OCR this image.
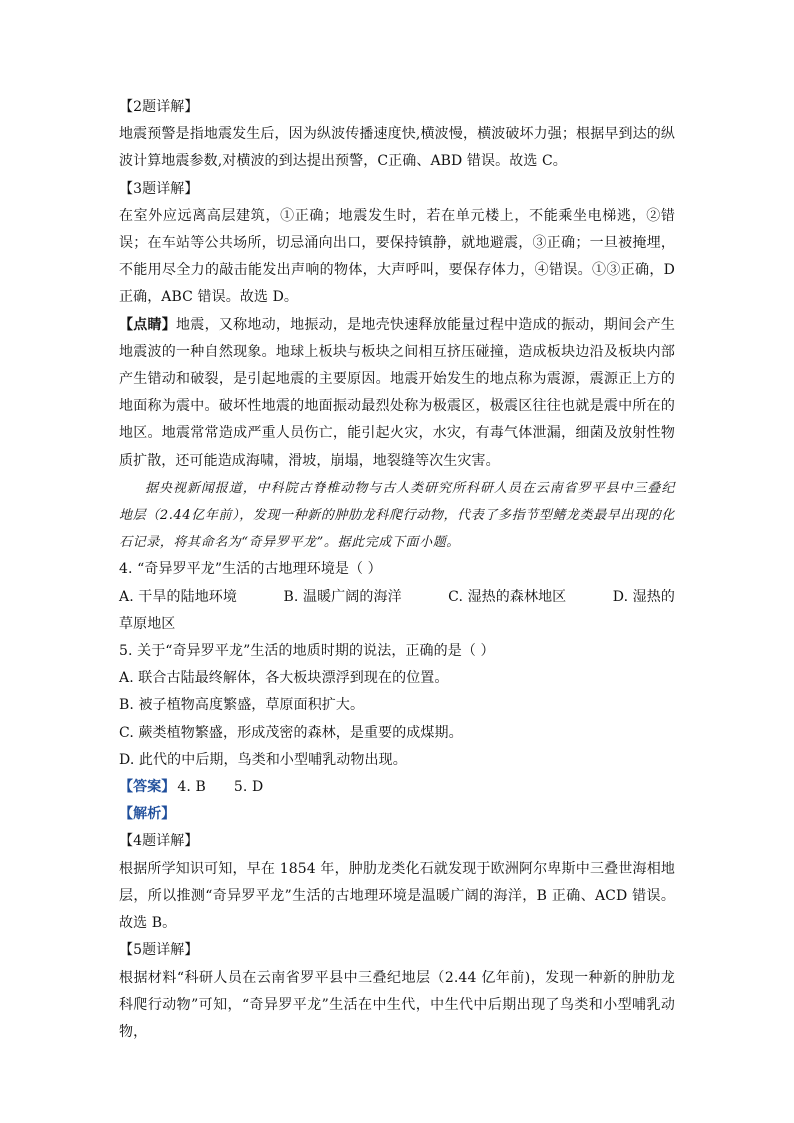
【2题详解】

地震预警是指地震发生后，因为纵波传播速度快,横波慢，横波破坏力强；根据早到达的纵波计算地震参数,对横波的到达提出预警，C正确、ABD 错误。故选 C。

【3题详解】

在室外应远离高层建筑，①正确；地震发生时，若在单元楼上，不能乘坐电梯逃，②错误；在车站等公共场所，切忌涌向出口，要保持镇静，就地避震，③正确；一旦被掩埋，不能用尽全力的敲击能发出声响的物体，大声呼叫，要保存体力，④错误。①③正确，D正确，ABC 错误。故选 D。

【点睛】地震，又称地动，地振动，是地壳快速释放能量过程中造成的振动，期间会产生地震波的一种自然现象。地球上板块与板块之间相互挤压碰撞，造成板块边沿及板块内部产生错动和破裂，是引起地震的主要原因。地震开始发生的地点称为震源，震源正上方的地面称为震中。破坏性地震的地面振动最烈处称为极震区，极震区往往也就是震中所在的地区。地震常常造成严重人员伤亡，能引起火灾，水灾，有毒气体泄漏，细菌及放射性物质扩散，还可能造成海啸，滑坡，崩塌，地裂缝等次生灾害。

据央视新闻报道，中科院古脊椎动物与古人类研究所科研人员在云南省罗平县中三叠纪地层（2.44亿年前），发现一种新的肿肋龙科爬行动物，代表了多指节型鳍龙类最早出现的化石记录，将其命名为“奇异罗平龙”。据此完成下面小题。

4. “奇异罗平龙”生活的古地理环境是（ ）

A. 干旱的陆地环境	B. 温暖广阔的海洋	C. 湿热的森林地区	D. 湿热的

草原地区

5. 关于“奇异罗平龙”生活的地质时期的说法，正确的是（ ）

A. 联合古陆最终解体，各大板块漂浮到现在的位置。

B. 被子植物高度繁盛，草原面积扩大。

C. 蕨类植物繁盛，形成茂密的森林，是重要的成煤期。

D. 此代的中后期，鸟类和小型哺乳动物出现。

【答案】 4. B 5. D

【解析】

【4题详解】

根据所学知识可知，早在 1854 年，肿肋龙类化石就发现于欧洲阿尔卑斯中三叠世海相地层，所以推测“奇异罗平龙”生活的古地理环境是温暖广阔的海洋，B 正确、ACD 错误。故选 B。

【5题详解】

根据材料“科研人员在云南省罗平县中三叠纪地层（2.44 亿年前)，发现一种新的肿肋龙科爬行动物”可知，“奇异罗平龙”生活在中生代，中生代中后期出现了鸟类和小型哺乳动物，
